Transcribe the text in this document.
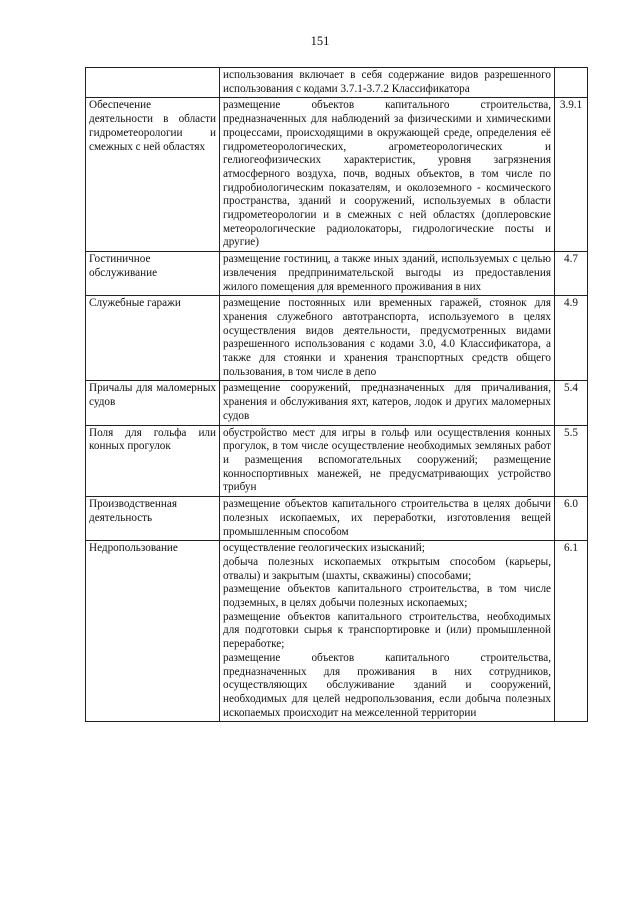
151

	использования включает в себя содержание видов разрешенного использования с кодами 3.7.1-3.7.2 Классификатора	

Обеспечение деятельности в области гидрометеорологии и смежных с ней областях	размещение объектов капитального строительства, предназначенных для наблюдений за физическими и химическими процессами, происходящими в окружающей среде, определения её гидрометеорологических, агрометеорологических и гелиогеофизических характеристик, уровня загрязнения атмосферного воздуха, почв, водных объектов, в том числе по гидробиологическим показателям, и околоземного - космического пространства, зданий и сооружений, используемых в области гидрометеорологии и в смежных с ней областях (доплеровские метеорологические радиолокаторы, гидрологические посты и другие)	3.9.1
Гостиничное обслуживание	размещение гостиниц, а также иных зданий, используемых с целью извлечения предпринимательской выгоды из предоставления жилого помещения для временного проживания в них	4.7
Служебные гаражи	размещение постоянных или временных гаражей, стоянок для хранения служебного автотранспорта, используемого в целях осуществления видов деятельности, предусмотренных видами разрешенного использования с кодами 3.0, 4.0 Классификатора, а также для стоянки и хранения транспортных средств общего пользования, в том числе в депо	4.9
Причалы для маломерных судов	размещение сооружений, предназначенных для причаливания, хранения и обслуживания яхт, катеров, лодок и других маломерных судов	5.4
Поля для гольфа или конных прогулок	обустройство мест для игры в гольф или осуществления конных прогулок, в том числе осуществление необходимых земляных работ и размещения вспомогательных сооружений; размещение конноспортивных манежей, не предусматривающих устройство трибун	5.5
Производственная деятельность	размещение объектов капитального строительства в целях добычи полезных ископаемых, их переработки, изготовления вещей промышленным способом	6.0
Недропользование	осуществление геологических изысканий;
добыча полезных ископаемых открытым способом (карьеры, отвалы) и закрытым (шахты, скважины) способами;
размещение объектов капитального строительства, в том числе подземных, в целях добычи полезных ископаемых;
размещение объектов капитального строительства, необходимых для подготовки сырья к транспортировке и (или) промышленной переработке;
размещение объектов капитального строительства, предназначенных для проживания в них сотрудников, осуществляющих обслуживание зданий и сооружений, необходимых для целей недропользования, если добыча полезных ископаемых происходит на межселенной территории	6.1
